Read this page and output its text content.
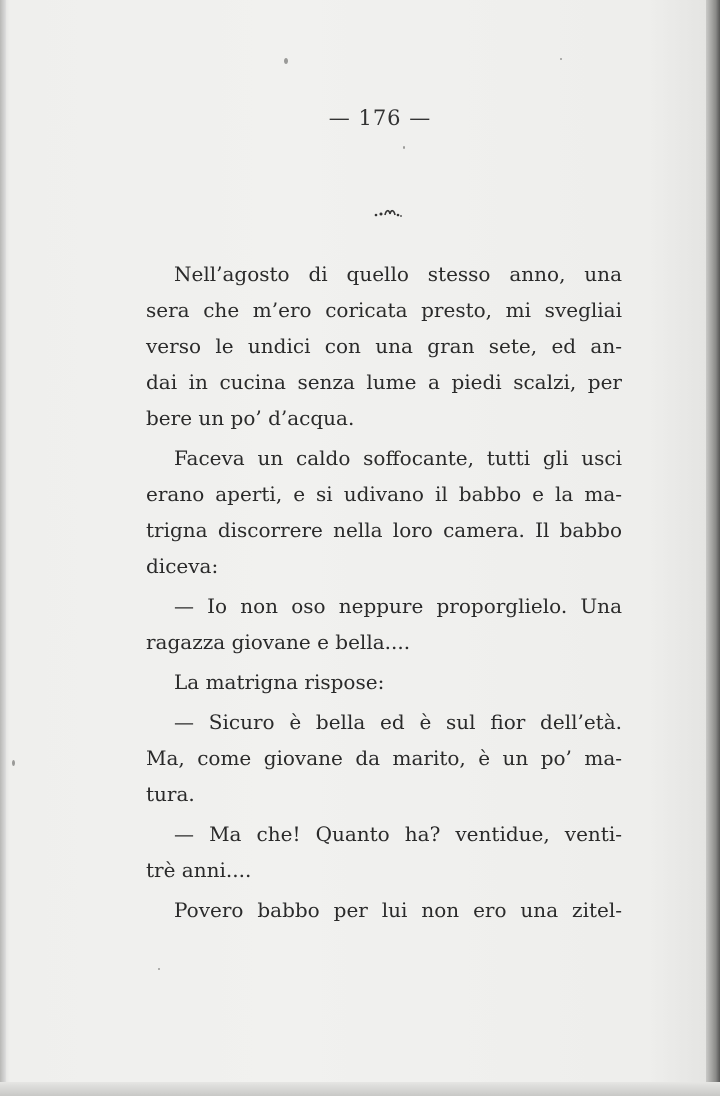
— 176 —
Nell’agosto di quello stesso anno, una
sera che m’ero coricata presto, mi svegliai
verso le undici con una gran sete, ed an-
dai in cucina senza lume a piedi scalzi, per
bere un po’ d’acqua.
Faceva un caldo soffocante, tutti gli usci
erano aperti, e si udivano il babbo e la ma-
trigna discorrere nella loro camera. Il babbo
diceva:
— Io non oso neppure proporglielo. Una
ragazza giovane e bella....
La matrigna rispose:
— Sicuro è bella ed è sul fior dell’età.
Ma, come giovane da marito, è un po’ ma-
tura.
— Ma che! Quanto ha? ventidue, venti-
trè anni....
Povero babbo per lui non ero una zitel-
